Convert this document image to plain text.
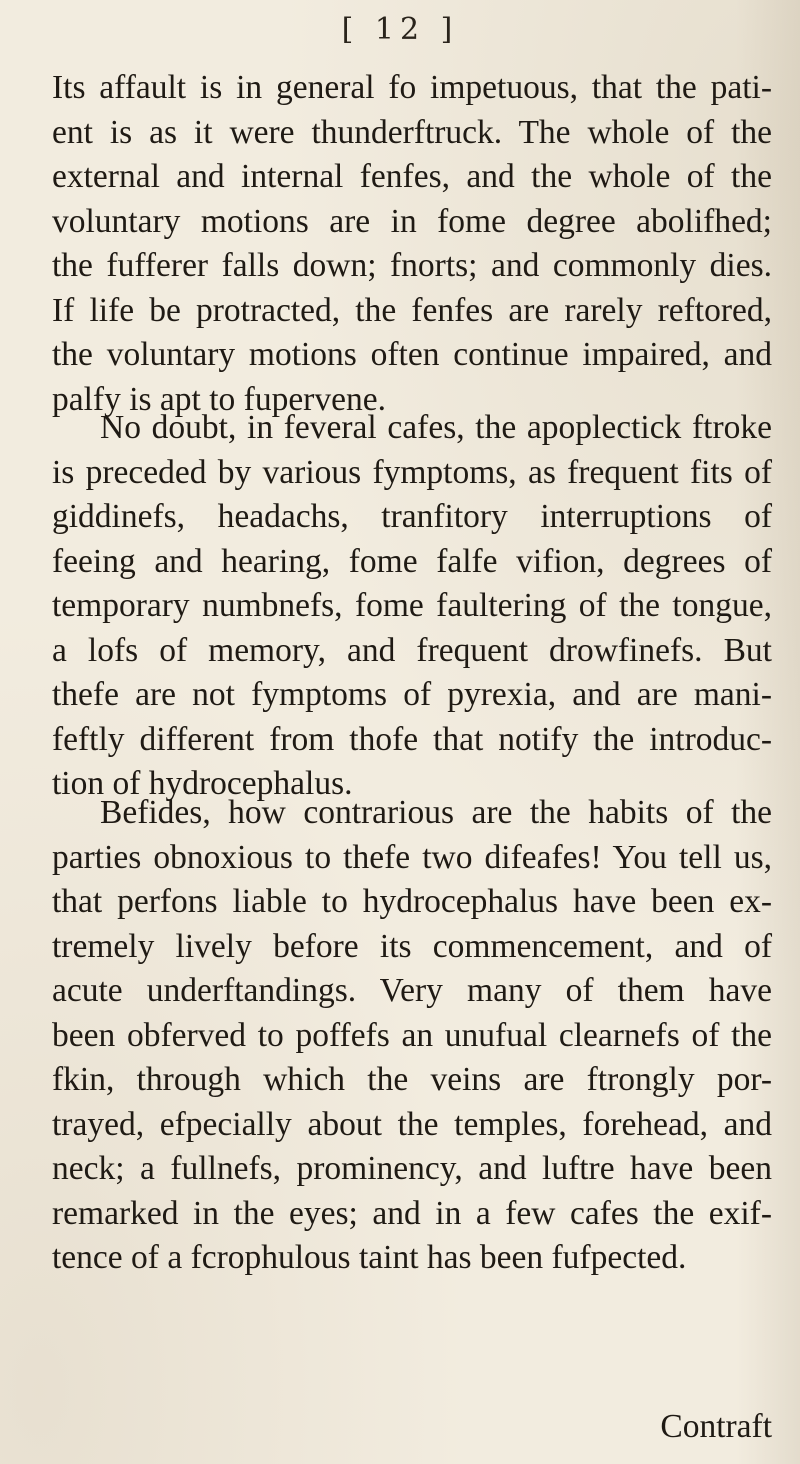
[ 12 ]
Its affault is in general fo impetuous, that the pati-
ent is as it were thunderftruck. The whole of the
external and internal fenfes, and the whole of the
voluntary motions are in fome degree abolifhed;
the fufferer falls down; fnorts; and commonly dies.
If life be protracted, the fenfes are rarely reftored,
the voluntary motions often continue impaired, and
palfy is apt to fupervene.
No doubt, in feveral cafes, the apoplectick ftroke
is preceded by various fymptoms, as frequent fits of
giddinefs, headachs, tranfitory interruptions of
feeing and hearing, fome falfe vifion, degrees of
temporary numbnefs, fome faultering of the tongue,
a lofs of memory, and frequent drowfinefs. But
thefe are not fymptoms of pyrexia, and are mani-
feftly different from thofe that notify the introduc-
tion of hydrocephalus.
Befides, how contrarious are the habits of the
parties obnoxious to thefe two difeafes! You tell us,
that perfons liable to hydrocephalus have been ex-
tremely lively before its commencement, and of
acute underftandings. Very many of them have
been obferved to poffefs an unufual clearnefs of the
fkin, through which the veins are ftrongly por-
trayed, efpecially about the temples, forehead, and
neck; a fullnefs, prominency, and luftre have been
remarked in the eyes; and in a few cafes the exif-
tence of a fcrophulous taint has been fufpected.
Contraft
